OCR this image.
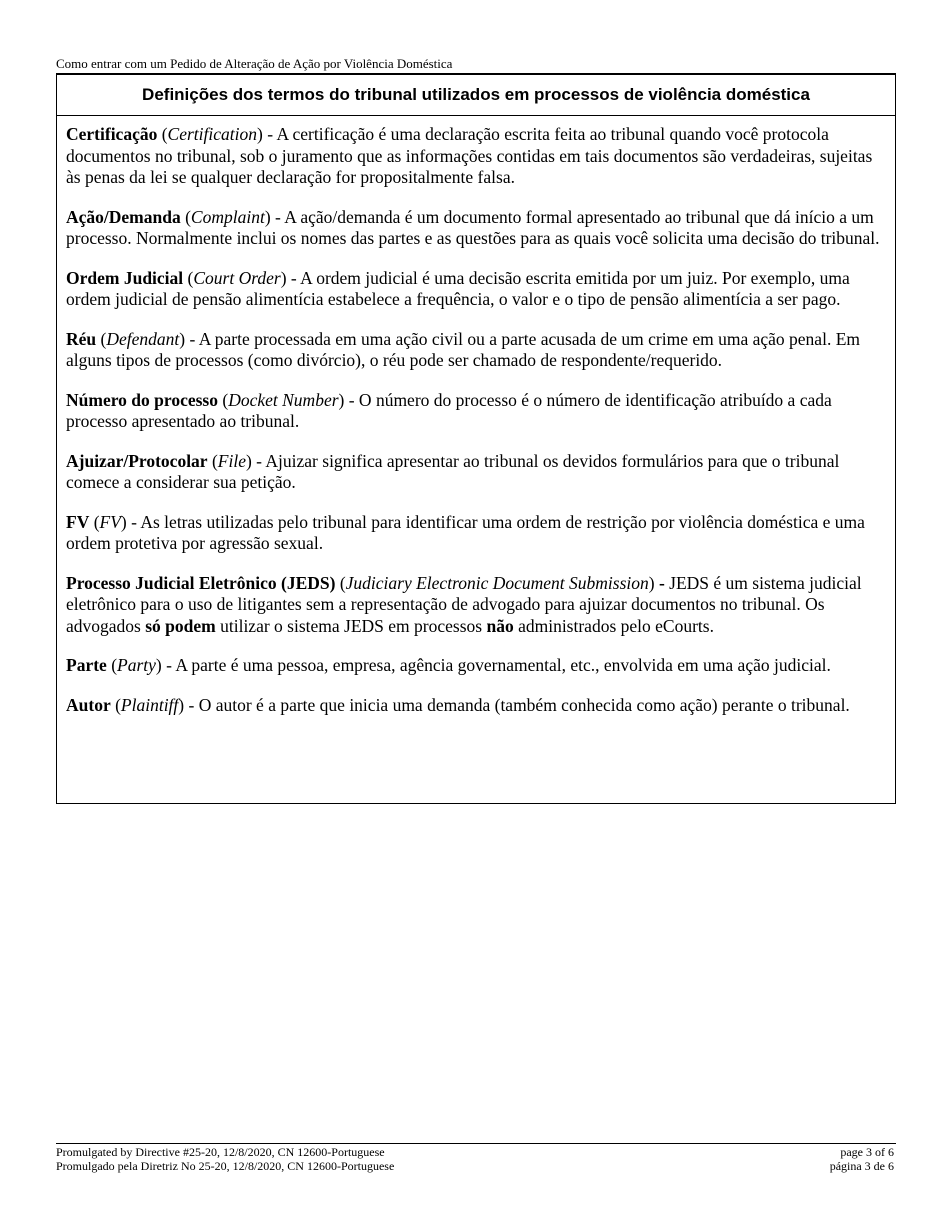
Como entrar com um Pedido de Alteração de Ação por Violência Doméstica
Definições dos termos do tribunal utilizados em processos de violência doméstica

Certificação (Certification) - A certificação é uma declaração escrita feita ao tribunal quando você protocola documentos no tribunal, sob o juramento que as informações contidas em tais documentos são verdadeiras, sujeitas às penas da lei se qualquer declaração for propositalmente falsa.

Ação/Demanda (Complaint) - A ação/demanda é um documento formal apresentado ao tribunal que dá início a um processo. Normalmente inclui os nomes das partes e as questões para as quais você solicita uma decisão do tribunal.

Ordem Judicial (Court Order) - A ordem judicial é uma decisão escrita emitida por um juiz. Por exemplo, uma ordem judicial de pensão alimentícia estabelece a frequência, o valor e o tipo de pensão alimentícia a ser pago.

Réu (Defendant) - A parte processada em uma ação civil ou a parte acusada de um crime em uma ação penal. Em alguns tipos de processos (como divórcio), o réu pode ser chamado de respondente/requerido.

Número do processo (Docket Number) - O número do processo é o número de identificação atribuído a cada processo apresentado ao tribunal.

Ajuizar/Protocolar (File) - Ajuizar significa apresentar ao tribunal os devidos formulários para que o tribunal comece a considerar sua petição.

FV (FV) - As letras utilizadas pelo tribunal para identificar uma ordem de restrição por violência doméstica e uma ordem protetiva por agressão sexual.

Processo Judicial Eletrônico (JEDS) (Judiciary Electronic Document Submission) - JEDS é um sistema judicial eletrônico para o uso de litigantes sem a representação de advogado para ajuizar documentos no tribunal. Os advogados só podem utilizar o sistema JEDS em processos não administrados pelo eCourts.

Parte (Party) - A parte é uma pessoa, empresa, agência governamental, etc., envolvida em uma ação judicial.

Autor (Plaintiff) - O autor é a parte que inicia uma demanda (também conhecida como ação) perante o tribunal.

Promulgated by Directive #25-20, 12/8/2020, CN 12600-Portuguese
Promulgado pela Diretriz No 25-20, 12/8/2020, CN 12600-Portuguese
page 3 of 6
página 3 de 6
